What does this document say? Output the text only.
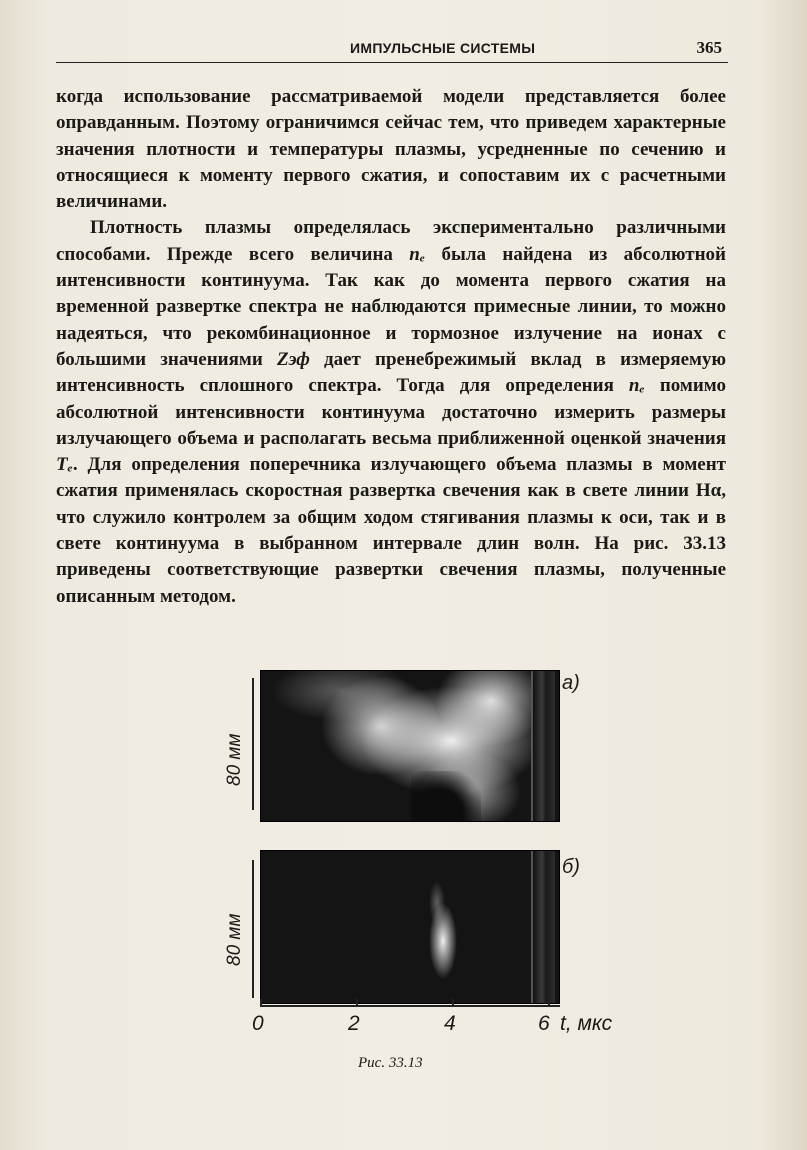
ИМПУЛЬСНЫЕ СИСТЕМЫ	365

когда использование рассматриваемой модели представляется более оправданным. Поэтому ограничимся сейчас тем, что приведем характерные значения плотности и температуры плазмы, усредненные по сечению и относящиеся к моменту первого сжатия, и сопоставим их с расчетными величинами.

Плотность плазмы определялась экспериментально различными способами. Прежде всего величина nₑ была найдена из абсолютной интенсивности континуума. Так как до момента первого сжатия на временной развертке спектра не наблюдаются примесные линии, то можно надеяться, что рекомбинационное и тормозное излучение на ионах с большими значениями Zэф дает пренебрежимый вклад в измеряемую интенсивность сплошного спектра. Тогда для определения nₑ помимо абсолютной интенсивности континуума достаточно измерить размеры излучающего объема и располагать весьма приближенной оценкой значения Tₑ. Для определения поперечника излучающего объема плазмы в момент сжатия применялась скоростная развертка свечения как в свете линии Hα, что служило контролем за общим ходом стягивания плазмы к оси, так и в свете континуума в выбранном интервале длин волн. На рис. 33.13 приведены соответствующие развертки свечения плазмы, полученные описанным методом.

80 мм
а)
80 мм
б)
0	2	4	6 t, мкс
Рис. 33.13
